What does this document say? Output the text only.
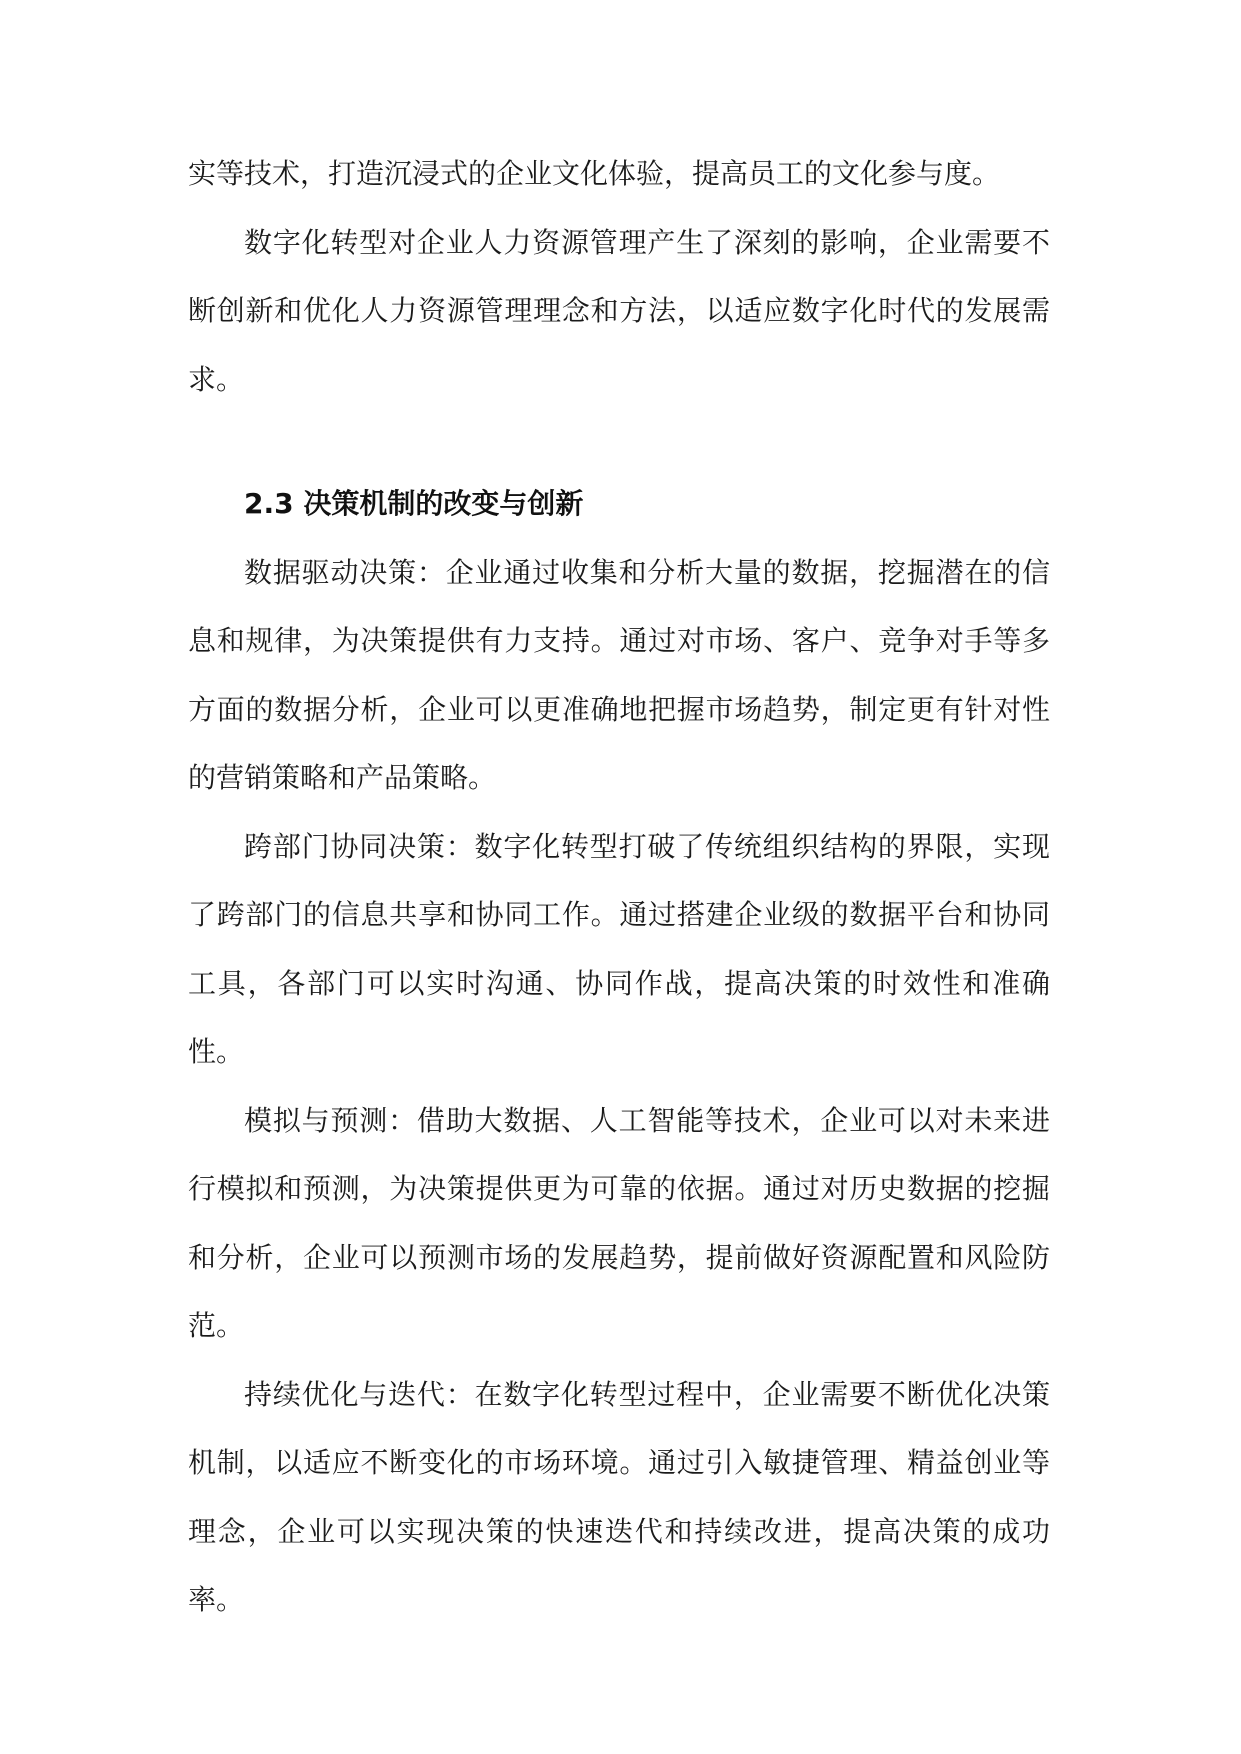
实等技术，打造沉浸式的企业文化体验，提高员工的文化参与度。

数字化转型对企业人力资源管理产生了深刻的影响，企业需要不断创新和优化人力资源管理理念和方法，以适应数字化时代的发展需求。

2.3 决策机制的改变与创新

数据驱动决策：企业通过收集和分析大量的数据，挖掘潜在的信息和规律，为决策提供有力支持。通过对市场、客户、竞争对手等多方面的数据分析，企业可以更准确地把握市场趋势，制定更有针对性的营销策略和产品策略。

跨部门协同决策：数字化转型打破了传统组织结构的界限，实现了跨部门的信息共享和协同工作。通过搭建企业级的数据平台和协同工具，各部门可以实时沟通、协同作战，提高决策的时效性和准确性。

模拟与预测：借助大数据、人工智能等技术，企业可以对未来进行模拟和预测，为决策提供更为可靠的依据。通过对历史数据的挖掘和分析，企业可以预测市场的发展趋势，提前做好资源配置和风险防范。

持续优化与迭代：在数字化转型过程中，企业需要不断优化决策机制，以适应不断变化的市场环境。通过引入敏捷管理、精益创业等理念，企业可以实现决策的快速迭代和持续改进，提高决策的成功率。
